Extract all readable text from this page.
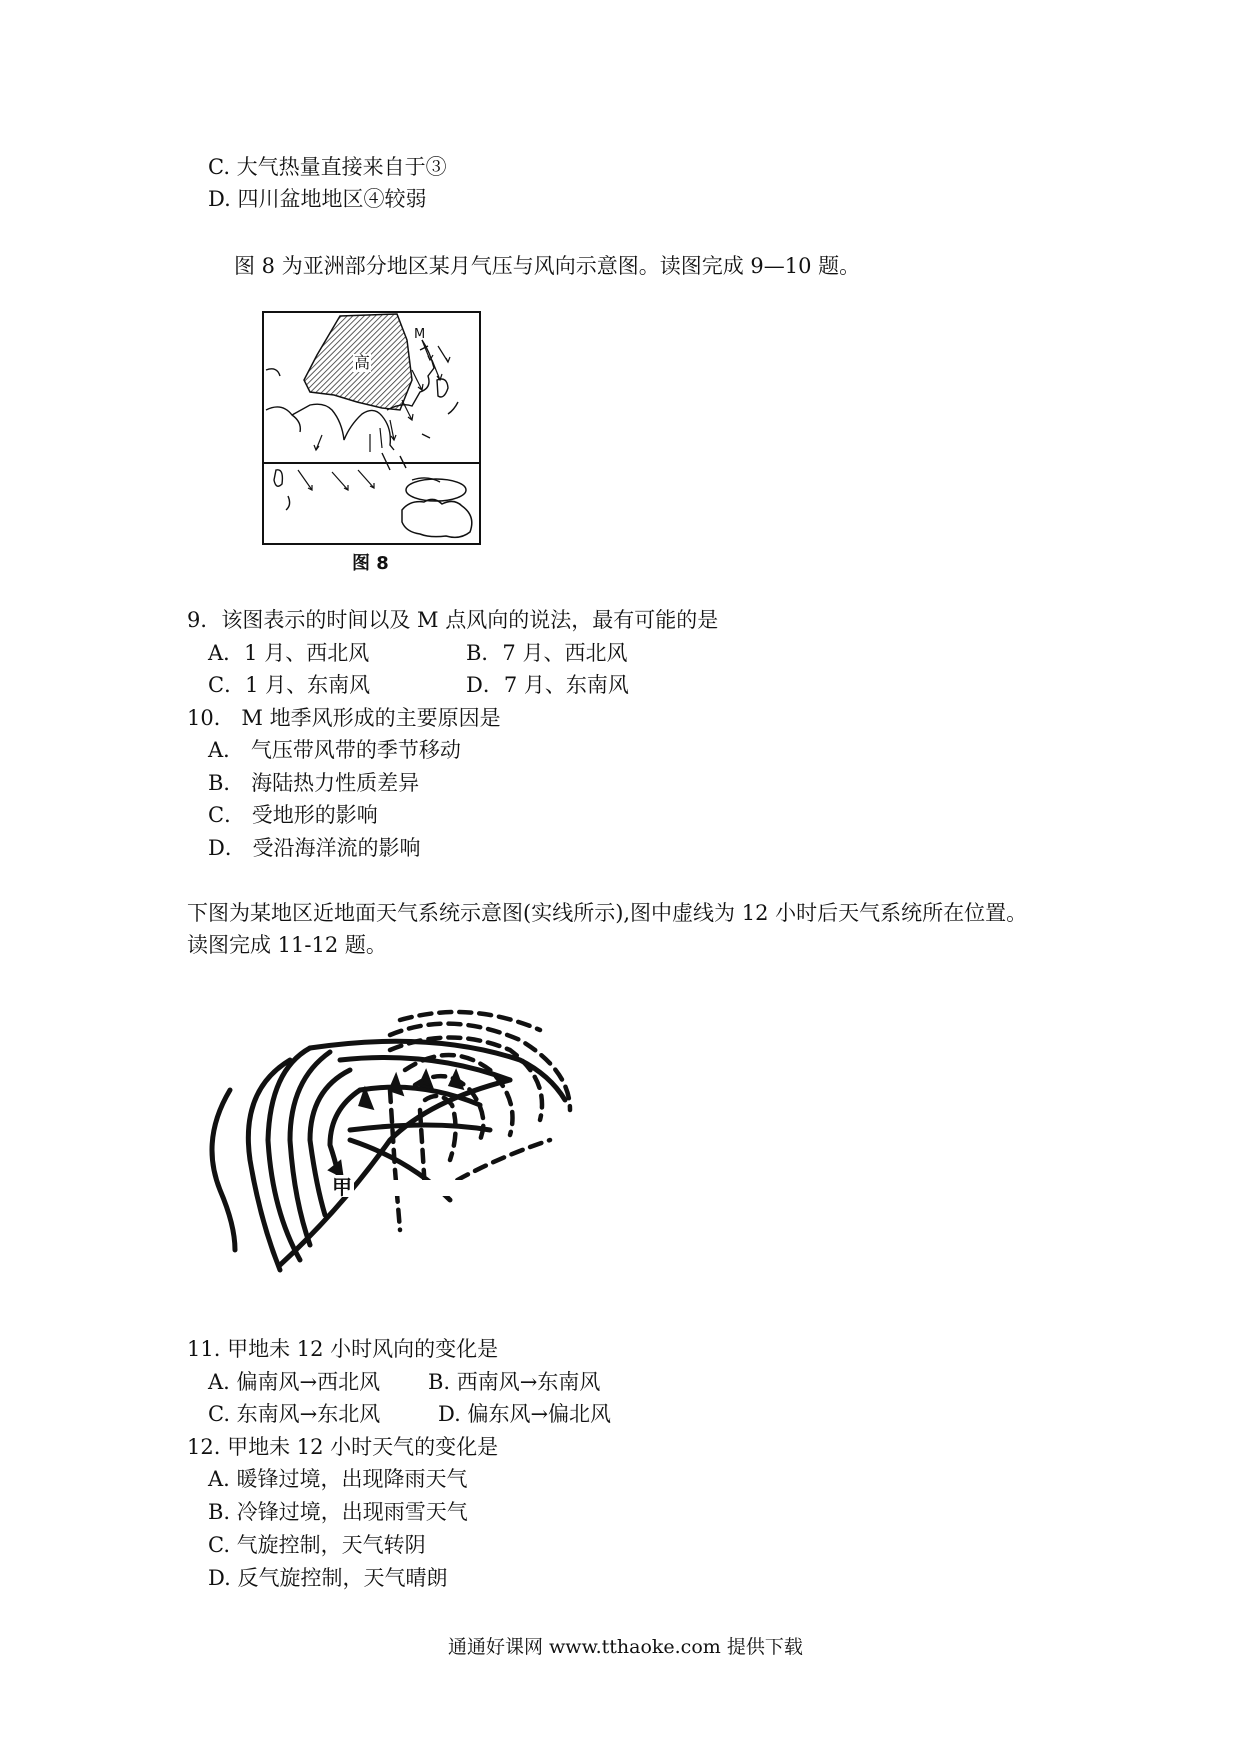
C. 大气热量直接来自于③
D. 四川盆地地区④较弱
图 8 为亚洲部分地区某月气压与风向示意图。读图完成 9—10 题。
高
M
图 8
9．该图表示的时间以及 M 点风向的说法，最有可能的是
A．1 月、西北风	B．7 月、西北风
C．1 月、东南风	D．7 月、东南风
10． M 地季风形成的主要原因是
A． 气压带风带的季节移动
B． 海陆热力性质差异
C． 受地形的影响
D． 受沿海洋流的影响
下图为某地区近地面天气系统示意图(实线所示),图中虚线为 12 小时后天气系统所在位置。
读图完成 11-12 题。
甲
11. 甲地未 12 小时风向的变化是
A. 偏南风→西北风 B. 西南风→东南风
C. 东南风→东北风	D. 偏东风→偏北风
12. 甲地未 12 小时天气的变化是
A. 暖锋过境，出现降雨天气
B. 冷锋过境，出现雨雪天气
C. 气旋控制，天气转阴
D. 反气旋控制，天气晴朗
通通好课网 www.tthaoke.com 提供下载
